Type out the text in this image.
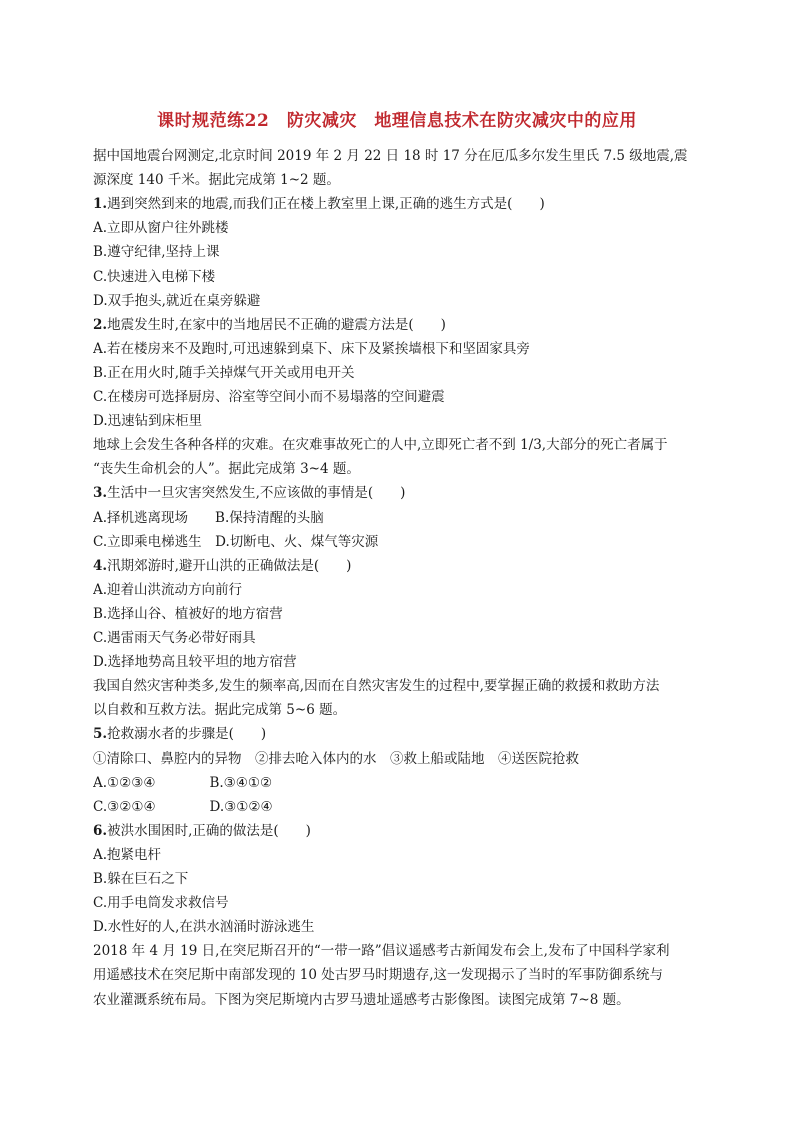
课时规范练22　防灾减灾　地理信息技术在防灾减灾中的应用
据中国地震台网测定,北京时间 2019 年 2 月 22 日 18 时 17 分在厄瓜多尔发生里氏 7.5 级地震,震
源深度 140 千米。据此完成第 1~2 题。
1.遇到突然到来的地震,而我们正在楼上教室里上课,正确的逃生方式是(　　)
A.立即从窗户往外跳楼
B.遵守纪律,坚持上课
C.快速进入电梯下楼
D.双手抱头,就近在桌旁躲避
2.地震发生时,在家中的当地居民不正确的避震方法是(　　)
A.若在楼房来不及跑时,可迅速躲到桌下、床下及紧挨墙根下和坚固家具旁
B.正在用火时,随手关掉煤气开关或用电开关
C.在楼房可选择厨房、浴室等空间小而不易塌落的空间避震
D.迅速钻到床柜里
地球上会发生各种各样的灾难。在灾难事故死亡的人中,立即死亡者不到 1/3,大部分的死亡者属于
“丧失生命机会的人”。据此完成第 3~4 题。
3.生活中一旦灾害突然发生,不应该做的事情是(　　)
A.择机逃离现场　　B.保持清醒的头脑
C.立即乘电梯逃生　D.切断电、火、煤气等灾源
4.汛期郊游时,避开山洪的正确做法是(　　)
A.迎着山洪流动方向前行
B.选择山谷、植被好的地方宿营
C.遇雷雨天气务必带好雨具
D.选择地势高且较平坦的地方宿营
我国自然灾害种类多,发生的频率高,因而在自然灾害发生的过程中,要掌握正确的救援和救助方法
以自救和互救方法。据此完成第 5~6 题。
5.抢救溺水者的步骤是(　　)
①清除口、鼻腔内的异物　②排去呛入体内的水　③救上船或陆地　④送医院抢救
A.①②③④　　　　B.③④①②
C.③②①④　　　　D.③①②④
6.被洪水围困时,正确的做法是(　　)
A.抱紧电杆
B.躲在巨石之下
C.用手电筒发求救信号
D.水性好的人,在洪水汹涌时游泳逃生
2018 年 4 月 19 日,在突尼斯召开的“一带一路”倡议遥感考古新闻发布会上,发布了中国科学家利
用遥感技术在突尼斯中南部发现的 10 处古罗马时期遗存,这一发现揭示了当时的军事防御系统与
农业灌溉系统布局。下图为突尼斯境内古罗马遗址遥感考古影像图。读图完成第 7~8 题。
